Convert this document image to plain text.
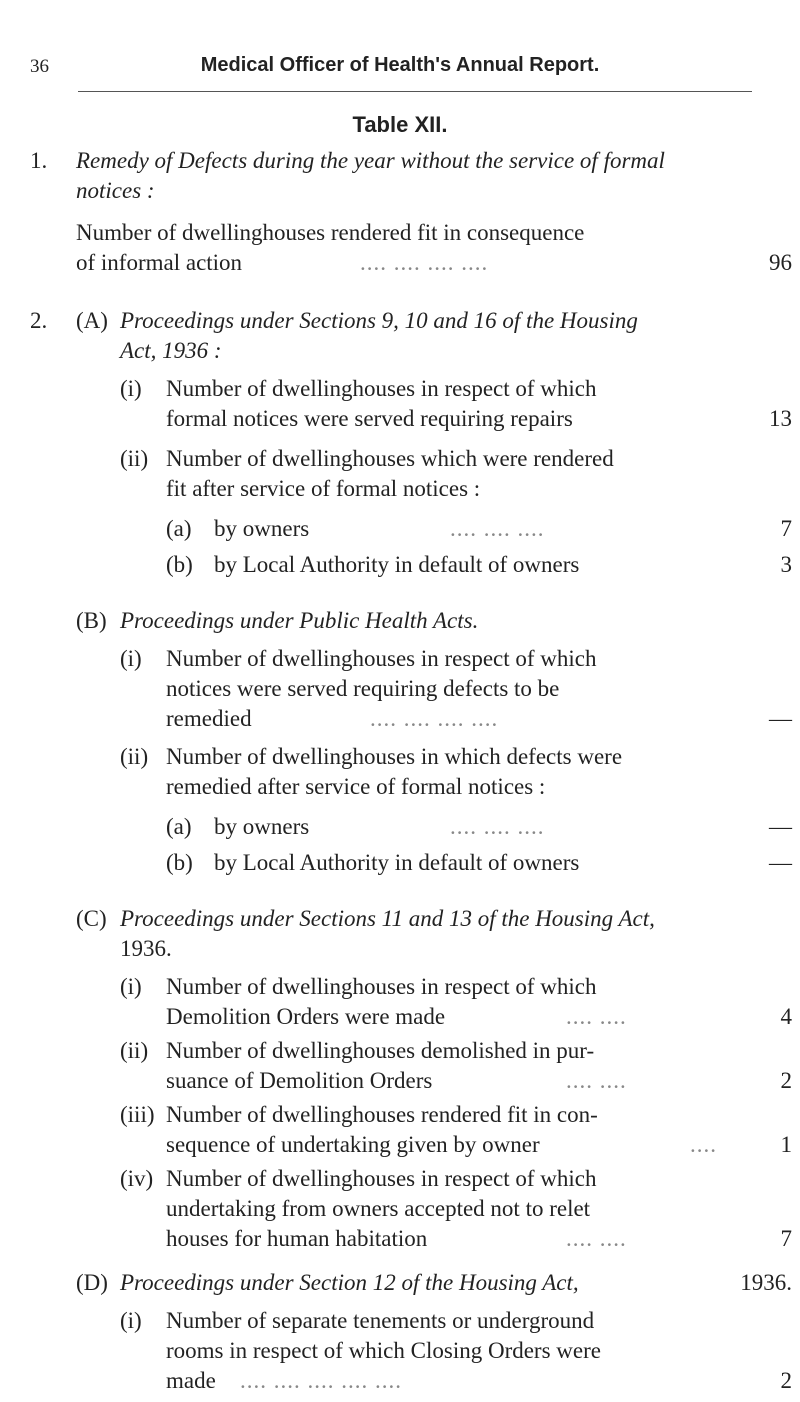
36	Medical Officer of Health's Annual Report.
Table XII.
1. Remedy of Defects during the year without the service of formal
notices :
Number of dwellinghouses rendered fit in consequence
of informal action	.... .... .... ....	96
2. (A) Proceedings under Sections 9, 10 and 16 of the Housing
Act, 1936 :
(i) Number of dwellinghouses in respect of which
formal notices were served requiring repairs	13
(ii) Number of dwellinghouses which were rendered
fit after service of formal notices :
(a) by owners	.... .... ....	7
(b) by Local Authority in default of owners	3
(B) Proceedings under Public Health Acts.
(i) Number of dwellinghouses in respect of which
notices were served requiring defects to be
remedied	.... .... .... ....	—
(ii) Number of dwellinghouses in which defects were
remedied after service of formal notices :
(a) by owners	.... .... ....	—
(b) by Local Authority in default of owners	—
(C) Proceedings under Sections 11 and 13 of the Housing Act,
1936.
(i) Number of dwellinghouses in respect of which
Demolition Orders were made	.... ....	4
(ii) Number of dwellinghouses demolished in pur-
suance of Demolition Orders	.... ....	2
(iii) Number of dwellinghouses rendered fit in con-
sequence of undertaking given by owner	....	1
(iv) Number of dwellinghouses in respect of which
undertaking from owners accepted not to relet
houses for human habitation	.... ....	7
(D) Proceedings under Section 12 of the Housing Act,	1936.
(i) Number of separate tenements or underground
rooms in respect of which Closing Orders were
made .... .... .... .... ....	2
